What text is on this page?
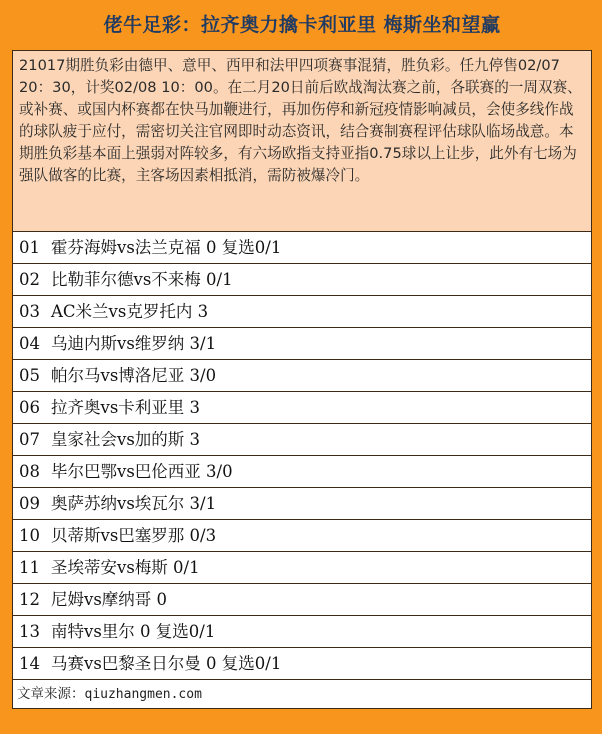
佬牛足彩：拉齐奥力擒卡利亚里 梅斯坐和望赢
21017期胜负彩由德甲、意甲、西甲和法甲四项赛事混猜，胜负彩。任九停售02/07 20：30，计奖02/08 10：00。在二月20日前后欧战淘汰赛之前，各联赛的一周双赛、或补赛、或国内杯赛都在快马加鞭进行，再加伤停和新冠疫情影响减员，会使多线作战的球队疲于应付，需密切关注官网即时动态资讯，结合赛制赛程评估球队临场战意。本期胜负彩基本面上强弱对阵较多，有六场欧指支持亚指0.75球以上让步，此外有七场为强队做客的比赛，主客场因素相抵消，需防被爆冷门。
01 霍芬海姆vs法兰克福 0 复选0/1
02 比勒菲尔德vs不来梅 0/1
03 AC米兰vs克罗托内 3
04 乌迪内斯vs维罗纳 3/1
05 帕尔马vs博洛尼亚 3/0
06 拉齐奥vs卡利亚里 3
07 皇家社会vs加的斯 3
08 毕尔巴鄂vs巴伦西亚 3/0
09 奥萨苏纳vs埃瓦尔 3/1
10 贝蒂斯vs巴塞罗那 0/3
11 圣埃蒂安vs梅斯 0/1
12 尼姆vs摩纳哥 0
13 南特vs里尔 0 复选0/1
14 马赛vs巴黎圣日尔曼 0 复选0/1
文章来源：qiuzhangmen.com
